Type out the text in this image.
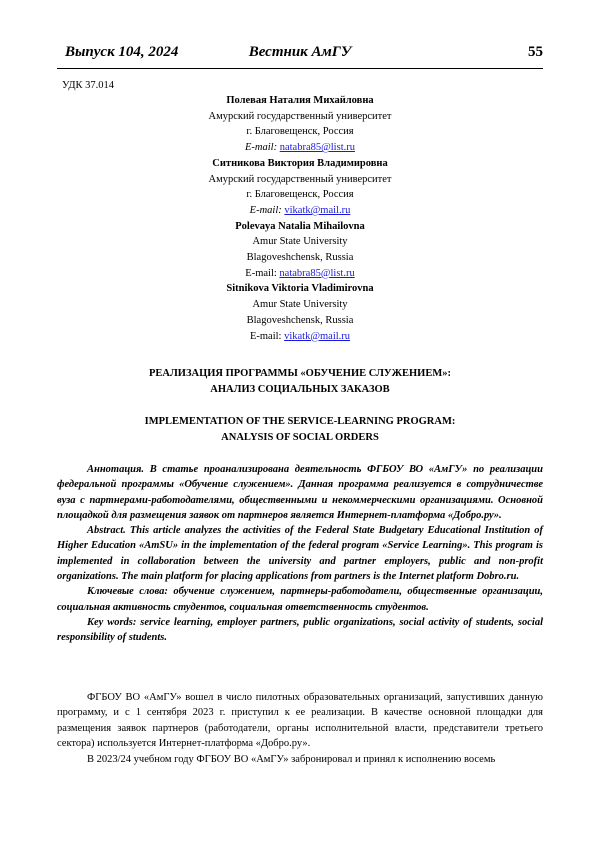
Выпуск 104, 2024	Вестник АмГУ	55
УДК 37.014
Полевая Наталия Михайловна
Амурский государственный университет
г. Благовещенск, Россия
E-mail: natabra85@list.ru
Ситникова Виктория Владимировна
Амурский государственный университет
г. Благовещенск, Россия
E-mail: vikatk@mail.ru
Polevaya Natalia Mihailovna
Amur State University
Blagoveshchensk, Russia
E-mail: natabra85@list.ru
Sitnikova Viktoria Vladimirovna
Amur State University
Blagoveshchensk, Russia
E-mail: vikatk@mail.ru
РЕАЛИЗАЦИЯ ПРОГРАММЫ «ОБУЧЕНИЕ СЛУЖЕНИЕМ»:
АНАЛИЗ СОЦИАЛЬНЫХ ЗАКАЗОВ
IMPLEMENTATION OF THE SERVICE-LEARNING PROGRAM:
ANALYSIS OF SOCIAL ORDERS

Аннотация. В статье проанализирована деятельность ФГБОУ ВО «АмГУ» по реализации федеральной программы «Обучение служением». Данная программа реализуется в сотрудничестве вуза с партнерами-работодателями, общественными и некоммерческими организациями. Основной площадкой для размещения заявок от партнеров является Интернет-платформа «Добро.ру».

Abstract. This article analyzes the activities of the Federal State Budgetary Educational Institution of Higher Education «AmSU» in the implementation of the federal program «Service Learning». This program is implemented in collaboration between the university and partner employers, public and non-profit organizations. The main platform for placing applications from partners is the Internet platform Dobro.ru.

Ключевые слова: обучение служением, партнеры-работодатели, общественные организации, социальная активность студентов, социальная ответственность студентов.

Key words: service learning, employer partners, public organizations, social activity of students, social responsibility of students.

ФГБОУ ВО «АмГУ» вошел в число пилотных образовательных организаций, запустивших данную программу, и с 1 сентября 2023 г. приступил к ее реализации. В качестве основной площадки для размещения заявок партнеров (работодатели, органы исполнительной власти, представители третьего сектора) используется Интернет-платформа «Добро.ру».

В 2023/24 учебном году ФГБОУ ВО «АмГУ» забронировал и принял к исполнению восемь
